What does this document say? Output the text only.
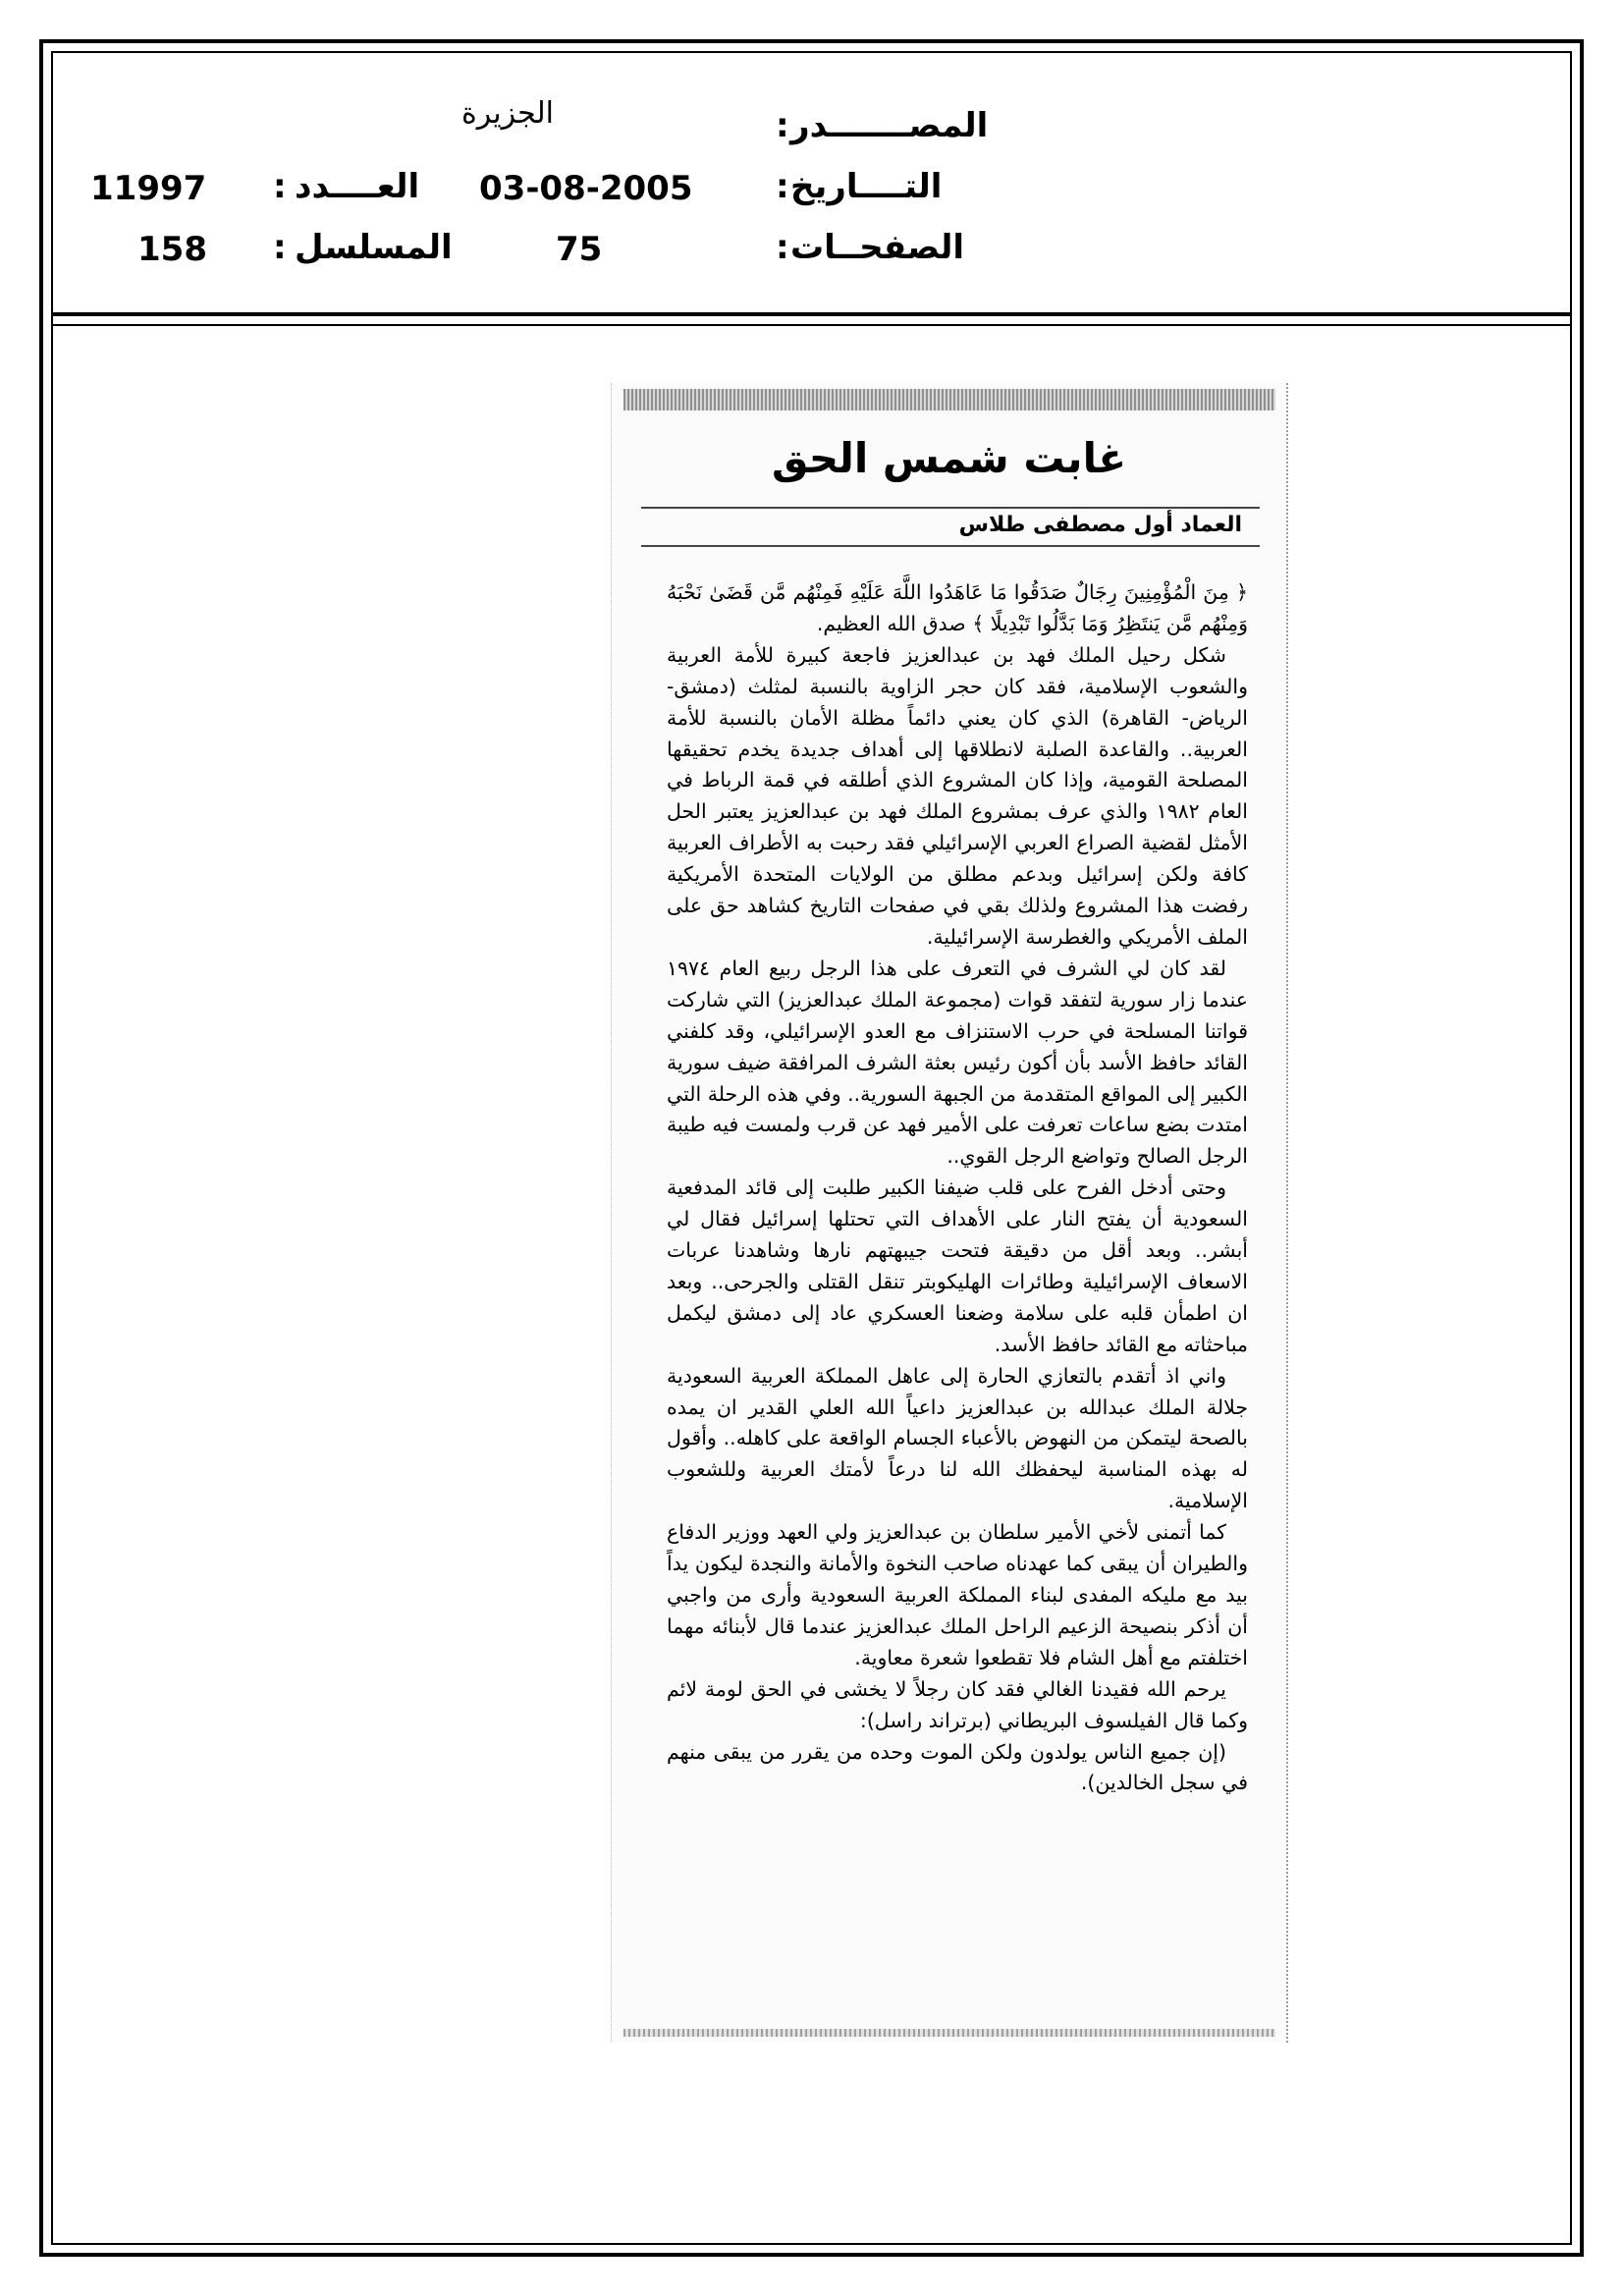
المصـــــــدر
:
الجزيرة
التــــاريخ
:
03-08-2005
الصفحــات
:
75
العــــدد
:
11997
المسلسل
:
158
غابت شمس الحق
العماد أول مصطفى طلاس

﴿ مِنَ الْمُؤْمِنِينَ رِجَالٌ صَدَقُوا مَا عَاهَدُوا اللَّهَ عَلَيْهِ فَمِنْهُم مَّن قَضَىٰ نَحْبَهُ وَمِنْهُم مَّن يَنتَظِرُ وَمَا بَدَّلُوا تَبْدِيلًا ﴾ صدق الله العظيم.

شكل رحيل الملك فهد بن عبدالعزيز فاجعة كبيرة للأمة العربية والشعوب الإسلامية، فقد كان حجر الزاوية بالنسبة لمثلث (دمشق- الرياض- القاهرة) الذي كان يعني دائماً مظلة الأمان بالنسبة للأمة العربية.. والقاعدة الصلبة لانطلاقها إلى أهداف جديدة يخدم تحقيقها المصلحة القومية، وإذا كان المشروع الذي أطلقه في قمة الرباط في العام ١٩٨٢ والذي عرف بمشروع الملك فهد بن عبدالعزيز يعتبر الحل الأمثل لقضية الصراع العربي الإسرائيلي فقد رحبت به الأطراف العربية كافة ولكن إسرائيل وبدعم مطلق من الولايات المتحدة الأمريكية رفضت هذا المشروع ولذلك بقي في صفحات التاريخ كشاهد حق على الملف الأمريكي والغطرسة الإسرائيلية.

لقد كان لي الشرف في التعرف على هذا الرجل ربيع العام ١٩٧٤ عندما زار سورية لتفقد قوات (مجموعة الملك عبدالعزيز) التي شاركت قواتنا المسلحة في حرب الاستنزاف مع العدو الإسرائيلي، وقد كلفني القائد حافظ الأسد بأن أكون رئيس بعثة الشرف المرافقة ضيف سورية الكبير إلى المواقع المتقدمة من الجبهة السورية.. وفي هذه الرحلة التي امتدت بضع ساعات تعرفت على الأمير فهد عن قرب ولمست فيه طيبة الرجل الصالح وتواضع الرجل القوي..

وحتى أدخل الفرح على قلب ضيفنا الكبير طلبت إلى قائد المدفعية السعودية أن يفتح النار على الأهداف التي تحتلها إسرائيل فقال لي أبشر.. وبعد أقل من دقيقة فتحت جيبهتهم نارها وشاهدنا عربات الاسعاف الإسرائيلية وطائرات الهليكوبتر تنقل القتلى والجرحى.. وبعد ان اطمأن قلبه على سلامة وضعنا العسكري عاد إلى دمشق ليكمل مباحثاته مع القائد حافظ الأسد.

واني اذ أتقدم بالتعازي الحارة إلى عاهل المملكة العربية السعودية جلالة الملك عبدالله بن عبدالعزيز داعياً الله العلي القدير ان يمده بالصحة ليتمكن من النهوض بالأعباء الجسام الواقعة على كاهله.. وأقول له بهذه المناسبة ليحفظك الله لنا درعاً لأمتك العربية وللشعوب الإسلامية.

كما أتمنى لأخي الأمير سلطان بن عبدالعزيز ولي العهد ووزير الدفاع والطيران أن يبقى كما عهدناه صاحب النخوة والأمانة والنجدة ليكون يداً بيد مع مليكه المفدى لبناء المملكة العربية السعودية وأرى من واجبي أن أذكر بنصيحة الزعيم الراحل الملك عبدالعزيز عندما قال لأبنائه مهما اختلفتم مع أهل الشام فلا تقطعوا شعرة معاوية.

يرحم الله فقيدنا الغالي فقد كان رجلاً لا يخشى في الحق لومة لائم وكما قال الفيلسوف البريطاني (برتراند راسل):

(إن جميع الناس يولدون ولكن الموت وحده من يقرر من يبقى منهم في سجل الخالدين).
